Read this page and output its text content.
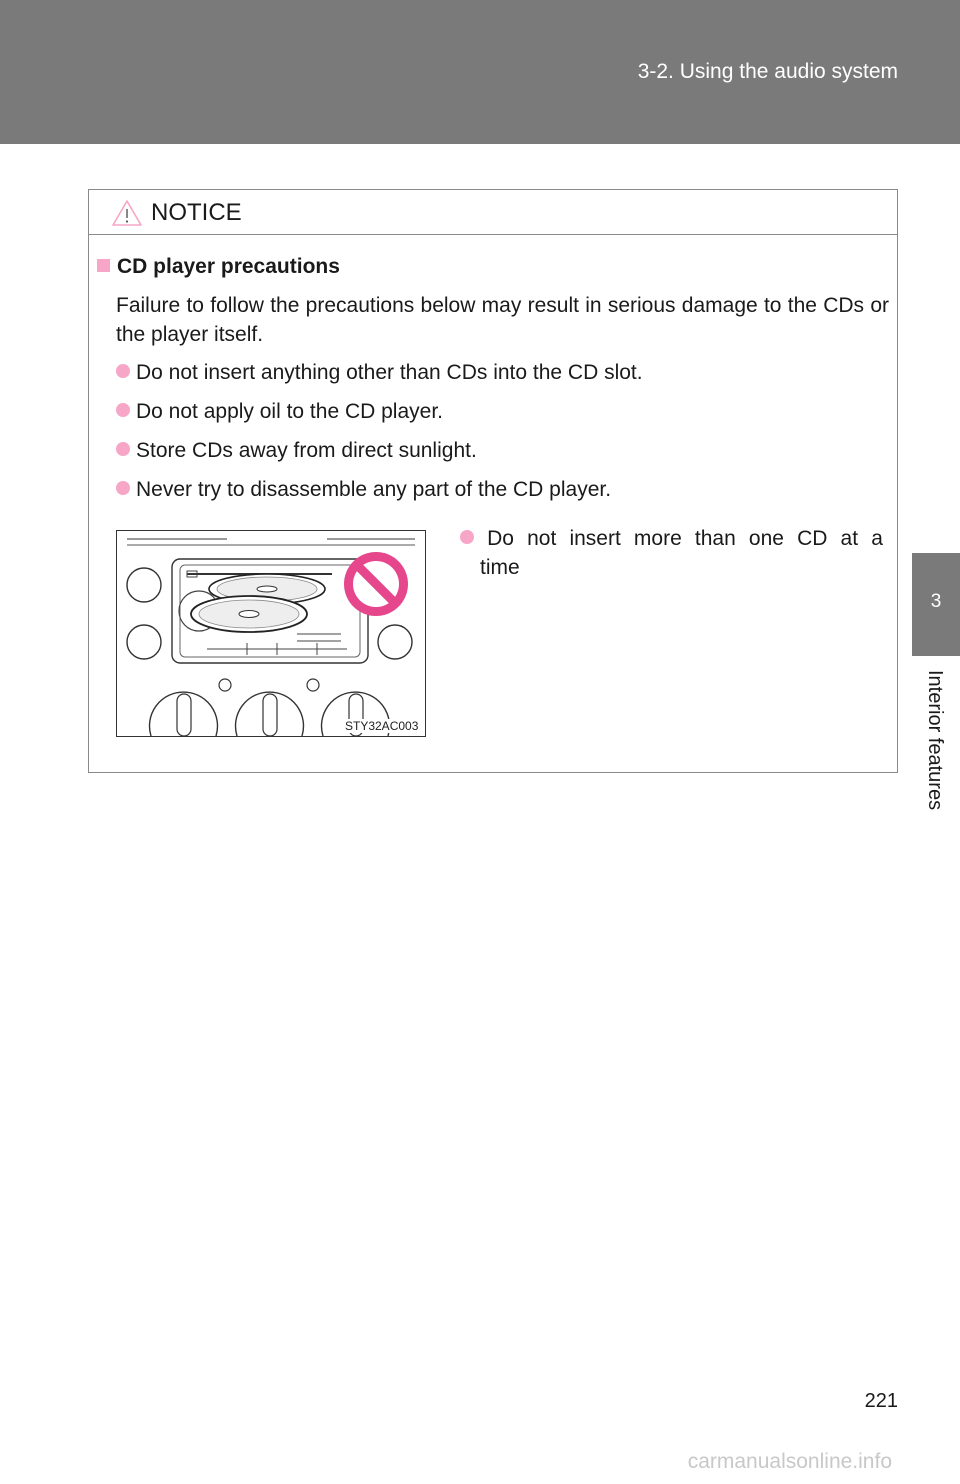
3-2. Using the audio system
3
Interior features
NOTICE
CD player precautions

Failure to follow the precautions below may result in serious damage to the CDs or the player itself.

Do not insert anything other than CDs into the CD slot.
Do not apply oil to the CD player.
Store CDs away from direct sunlight.
Never try to disassemble any part of the CD player.
STY32AC003
Do not insert more than one CD at a
time
221
carmanualsonline.info
